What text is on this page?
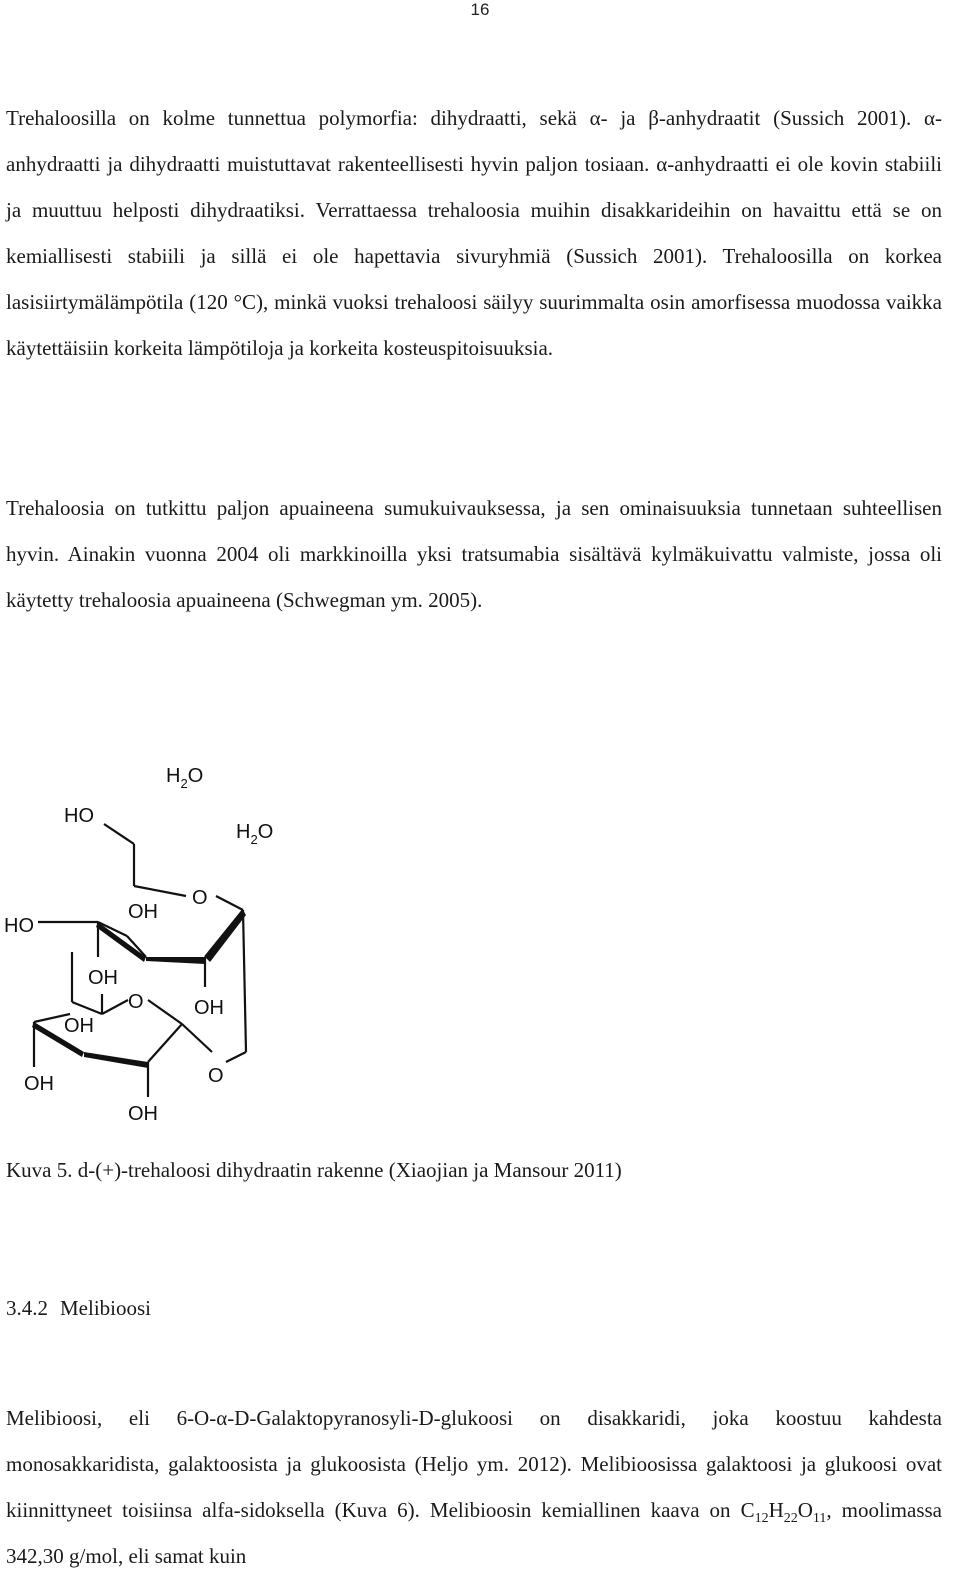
16

Trehaloosilla on kolme tunnettua polymorfia: dihydraatti, sekä α- ja β-anhydraatit (Sussich 2001). α-anhydraatti ja dihydraatti muistuttavat rakenteellisesti hyvin paljon tosiaan. α-anhydraatti ei ole kovin stabiili ja muuttuu helposti dihydraatiksi. Verrattaessa trehaloosia muihin disakkarideihin on havaittu että se on kemiallisesti stabiili ja sillä ei ole hapettavia sivuryhmiä (Sussich 2001). Trehaloosilla on korkea lasisiirtymälämpötila (120 °C), minkä vuoksi trehaloosi säilyy suurimmalta osin amorfisessa muodossa vaikka käytettäisiin korkeita lämpötiloja ja korkeita kosteuspitoisuuksia.

Trehaloosia on tutkittu paljon apuaineena sumukuivauksessa, ja sen ominaisuuksia tunnetaan suhteellisen hyvin. Ainakin vuonna 2004 oli markkinoilla yksi tratsumabia sisältävä kylmäkuivattu valmiste, jossa oli käytetty trehaloosia apuaineena (Schwegman ym. 2005).

$H_2O$
$H_2O$
HO
HO
O
OH
OH
OH
O
OH
OH
OH
O

Kuva 5. d-(+)-trehaloosi dihydraatin rakenne (Xiaojian ja Mansour 2011)

3.4.2 Melibioosi

Melibioosi, eli 6-O-α-D-Galaktopyranosyli-D-glukoosi on disakkaridi, joka koostuu kahdesta monosakkaridista, galaktoosista ja glukoosista (Heljo ym. 2012). Melibioosissa galaktoosi ja glukoosi ovat kiinnittyneet toisiinsa alfa-sidoksella (Kuva 6). Melibioosin kemiallinen kaava on $C_{12}H_{22}O_{11}$, moolimassa 342,30 g/mol, eli samat kuin
